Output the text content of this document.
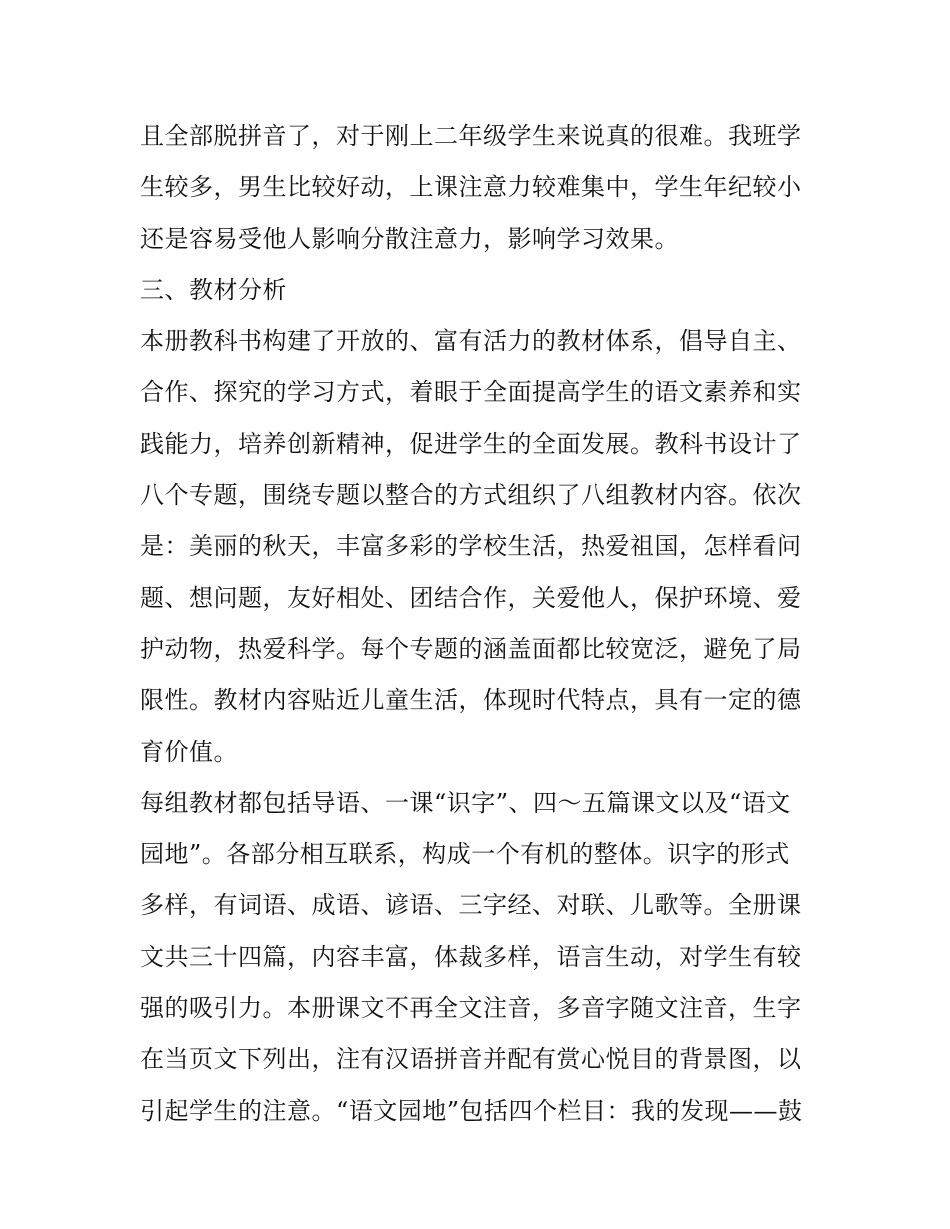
且全部脱拼音了，对于刚上二年级学生来说真的很难。我班学
生较多，男生比较好动，上课注意力较难集中，学生年纪较小
还是容易受他人影响分散注意力，影响学习效果。
三、教材分析
本册教科书构建了开放的、富有活力的教材体系，倡导自主、
合作、探究的学习方式，着眼于全面提高学生的语文素养和实
践能力，培养创新精神，促进学生的全面发展。教科书设计了
八个专题，围绕专题以整合的方式组织了八组教材内容。依次
是：美丽的秋天，丰富多彩的学校生活，热爱祖国，怎样看问
题、想问题，友好相处、团结合作，关爱他人，保护环境、爱
护动物，热爱科学。每个专题的涵盖面都比较宽泛，避免了局
限性。教材内容贴近儿童生活，体现时代特点，具有一定的德
育价值。
每组教材都包括导语、一课“识字”、四～五篇课文以及“语文
园地”。各部分相互联系，构成一个有机的整体。识字的形式
多样，有词语、成语、谚语、三字经、对联、儿歌等。全册课
文共三十四篇，内容丰富，体裁多样，语言生动，对学生有较
强的吸引力。本册课文不再全文注音，多音字随文注音，生字
在当页文下列出，注有汉语拼音并配有赏心悦目的背景图，以
引起学生的注意。“语文园地”包括四个栏目：我的发现——鼓
